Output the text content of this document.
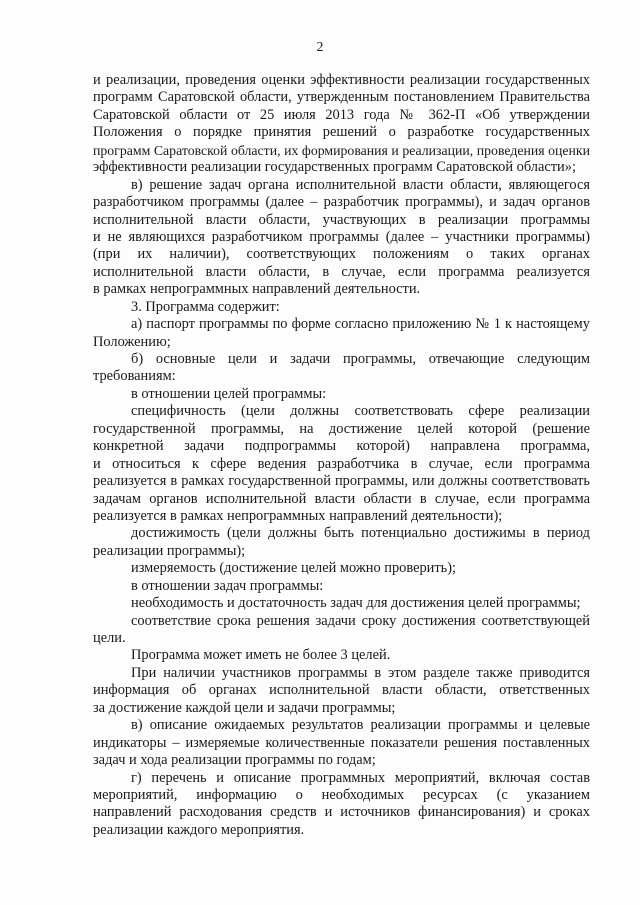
2
и реализации, проведения оценки эффективности реализации государственных
программ Саратовской области, утвержденным постановлением Правительства
Саратовской области от 25 июля 2013 года № 362-П «Об утверждении
Положения о порядке принятия решений о разработке государственных
программ Саратовской области, их формирования и реализации, проведения оценки
эффективности реализации государственных программ Саратовской области»;
в) решение задач органа исполнительной власти области, являющегося
разработчиком программы (далее – разработчик программы), и задач органов
исполнительной власти области, участвующих в реализации программы
и не являющихся разработчиком программы (далее – участники программы)
(при их наличии), соответствующих положениям о таких органах
исполнительной власти области, в случае, если программа реализуется
в рамках непрограммных направлений деятельности.
3. Программа содержит:
а) паспорт программы по форме согласно приложению № 1 к настоящему
Положению;
б) основные цели и задачи программы, отвечающие следующим
требованиям:
в отношении целей программы:
специфичность (цели должны соответствовать сфере реализации
государственной программы, на достижение целей которой (решение
конкретной задачи подпрограммы которой) направлена программа,
и относиться к сфере ведения разработчика в случае, если программа
реализуется в рамках государственной программы, или должны соответствовать
задачам органов исполнительной власти области в случае, если программа
реализуется в рамках непрограммных направлений деятельности);
достижимость (цели должны быть потенциально достижимы в период
реализации программы);
измеряемость (достижение целей можно проверить);
в отношении задач программы:
необходимость и достаточность задач для достижения целей программы;
соответствие срока решения задачи сроку достижения соответствующей
цели.
Программа может иметь не более 3 целей.
При наличии участников программы в этом разделе также приводится
информация об органах исполнительной власти области, ответственных
за достижение каждой цели и задачи программы;
в) описание ожидаемых результатов реализации программы и целевые
индикаторы – измеряемые количественные показатели решения поставленных
задач и хода реализации программы по годам;
г) перечень и описание программных мероприятий, включая состав
мероприятий, информацию о необходимых ресурсах (с указанием
направлений расходования средств и источников финансирования) и сроках
реализации каждого мероприятия.
